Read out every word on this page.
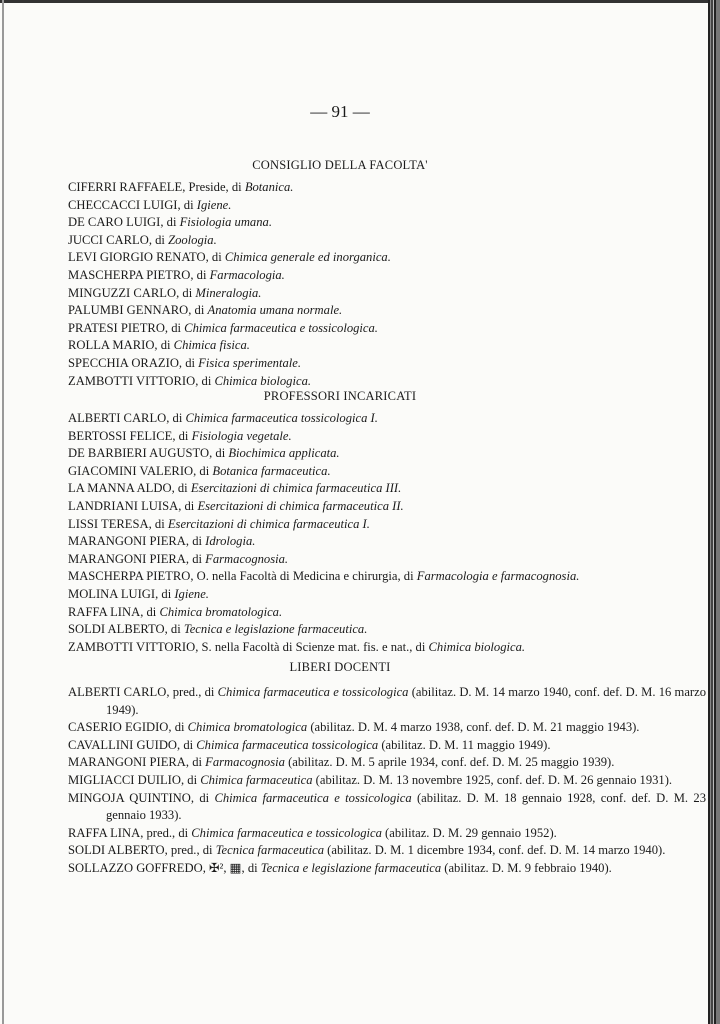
— 91 —
CONSIGLIO DELLA FACOLTA'
CIFERRI RAFFAELE, Preside, di Botanica.
CHECCACCI LUIGI, di Igiene.
DE CARO LUIGI, di Fisiologia umana.
JUCCI CARLO, di Zoologia.
LEVI GIORGIO RENATO, di Chimica generale ed inorganica.
MASCHERPA PIETRO, di Farmacologia.
MINGUZZI CARLO, di Mineralogia.
PALUMBI GENNARO, di Anatomia umana normale.
PRATESI PIETRO, di Chimica farmaceutica e tossicologica.
ROLLA MARIO, di Chimica fisica.
SPECCHIA ORAZIO, di Fisica sperimentale.
ZAMBOTTI VITTORIO, di Chimica biologica.
PROFESSORI INCARICATI
ALBERTI CARLO, di Chimica farmaceutica tossicologica I.
BERTOSSI FELICE, di Fisiologia vegetale.
DE BARBIERI AUGUSTO, di Biochimica applicata.
GIACOMINI VALERIO, di Botanica farmaceutica.
LA MANNA ALDO, di Esercitazioni di chimica farmaceutica III.
LANDRIANI LUISA, di Esercitazioni di chimica farmaceutica II.
LISSI TERESA, di Esercitazioni di chimica farmaceutica I.
MARANGONI PIERA, di Idrologia.
MARANGONI PIERA, di Farmacognosia.
MASCHERPA PIETRO, O. nella Facoltà di Medicina e chirurgia, di Farmacologia e farmacognosia.
MOLINA LUIGI, di Igiene.
RAFFA LINA, di Chimica bromatologica.
SOLDI ALBERTO, di Tecnica e legislazione farmaceutica.
ZAMBOTTI VITTORIO, S. nella Facoltà di Scienze mat. fis. e nat., di Chimica biologica.
LIBERI DOCENTI
ALBERTI CARLO, pred., di Chimica farmaceutica e tossicologica (abilitaz. D. M. 14 marzo 1940, conf. def. D. M. 16 marzo 1949).
CASERIO EGIDIO, di Chimica bromatologica (abilitaz. D. M. 4 marzo 1938, conf. def. D. M. 21 maggio 1943).
CAVALLINI GUIDO, di Chimica farmaceutica tossicologica (abilitaz. D. M. 11 maggio 1949).
MARANGONI PIERA, di Farmacognosia (abilitaz. D. M. 5 aprile 1934, conf. def. D. M. 25 maggio 1939).
MIGLIACCI DUILIO, di Chimica farmaceutica (abilitaz. D. M. 13 novembre 1925, conf. def. D. M. 26 gennaio 1931).
MINGOJA QUINTINO, di Chimica farmaceutica e tossicologica (abilitaz. D. M. 18 gennaio 1928, conf. def. D. M. 23 gennaio 1933).
RAFFA LINA, pred., di Chimica farmaceutica e tossicologica (abilitaz. D. M. 29 gennaio 1952).
SOLDI ALBERTO, pred., di Tecnica farmaceutica (abilitaz. D. M. 1 dicembre 1934, conf. def. D. M. 14 marzo 1940).
SOLLAZZO GOFFREDO, ✠², ▦, di Tecnica e legislazione farmaceutica (abilitaz. D. M. 9 febbraio 1940).
